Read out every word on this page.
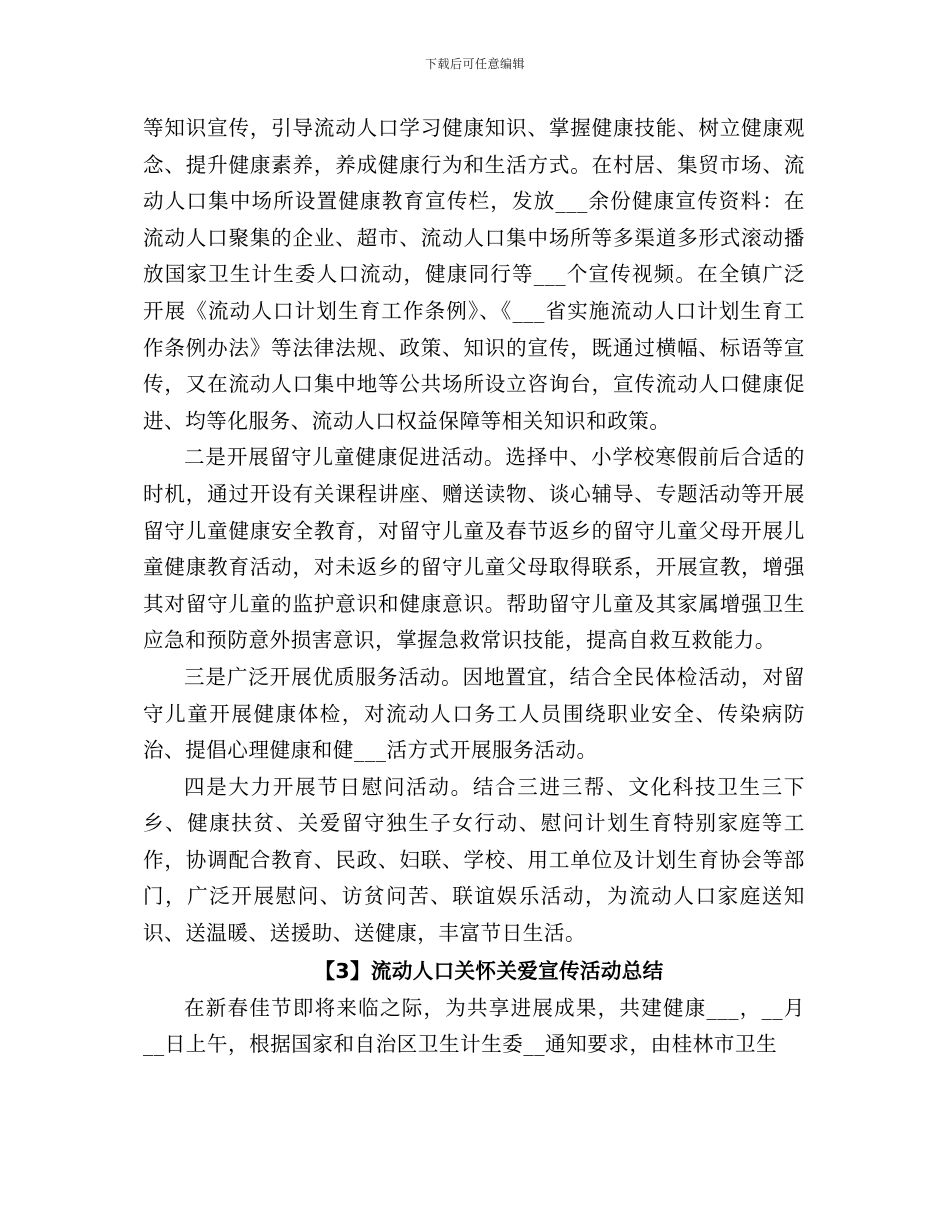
下载后可任意编辑

等知识宣传，引导流动人口学习健康知识、掌握健康技能、树立健康观念、提升健康素养，养成健康行为和生活方式。在村居、集贸市场、流动人口集中场所设置健康教育宣传栏，发放___余份健康宣传资料：在流动人口聚集的企业、超市、流动人口集中场所等多渠道多形式滚动播放国家卫生计生委人口流动，健康同行等___个宣传视频。在全镇广泛开展《流动人口计划生育工作条例》、《___省实施流动人口计划生育工作条例办法》等法律法规、政策、知识的宣传，既通过横幅、标语等宣传，又在流动人口集中地等公共场所设立咨询台，宣传流动人口健康促进、均等化服务、流动人口权益保障等相关知识和政策。

二是开展留守儿童健康促进活动。选择中、小学校寒假前后合适的时机，通过开设有关课程讲座、赠送读物、谈心辅导、专题活动等开展留守儿童健康安全教育，对留守儿童及春节返乡的留守儿童父母开展儿童健康教育活动，对未返乡的留守儿童父母取得联系，开展宣教，增强其对留守儿童的监护意识和健康意识。帮助留守儿童及其家属增强卫生应急和预防意外损害意识，掌握急救常识技能，提高自救互救能力。

三是广泛开展优质服务活动。因地置宜，结合全民体检活动，对留守儿童开展健康体检，对流动人口务工人员围绕职业安全、传染病防治、提倡心理健康和健___活方式开展服务活动。

四是大力开展节日慰问活动。结合三进三帮、文化科技卫生三下乡、健康扶贫、关爱留守独生子女行动、慰问计划生育特别家庭等工作，协调配合教育、民政、妇联、学校、用工单位及计划生育协会等部门，广泛开展慰问、访贫问苦、联谊娱乐活动，为流动人口家庭送知识、送温暖、送援助、送健康，丰富节日生活。

【3】流动人口关怀关爱宣传活动总结

在新春佳节即将来临之际，为共享进展成果，共建健康___，__月__日上午，根据国家和自治区卫生计生委__通知要求，由桂林市卫生
